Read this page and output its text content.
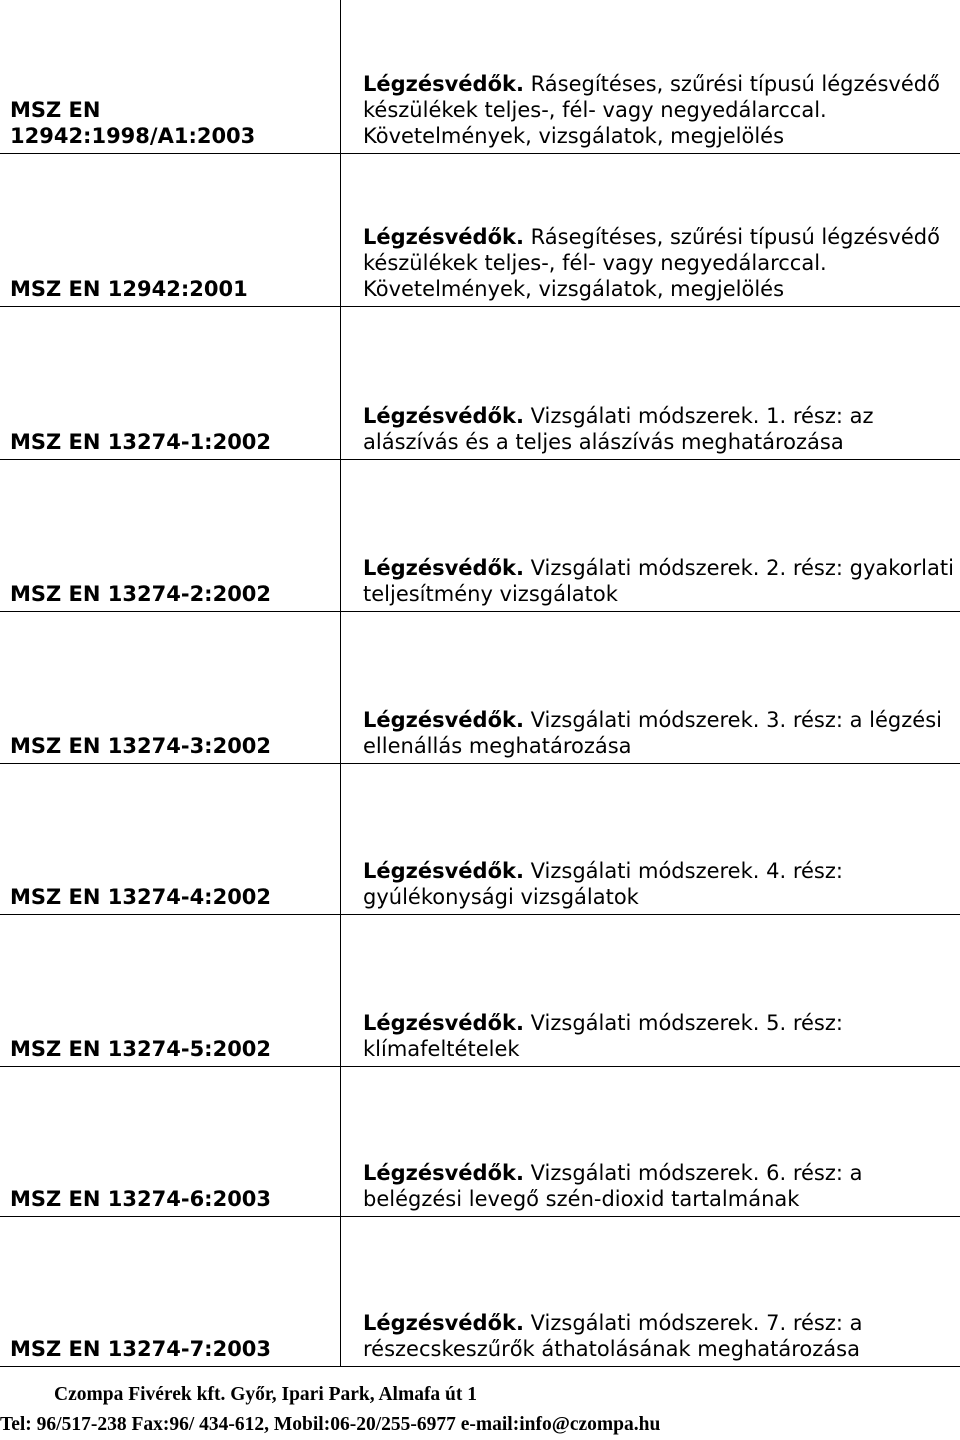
MSZ EN 12942:1998/A1:2003	Légzésvédők. Rásegítéses, szűrési típusú légzésvédő készülékek teljes-, fél- vagy negyedálarccal. Követelmények, vizsgálatok, megjelölés
MSZ EN 12942:2001	Légzésvédők. Rásegítéses, szűrési típusú légzésvédő készülékek teljes-, fél- vagy negyedálarccal. Követelmények, vizsgálatok, megjelölés
MSZ EN 13274-1:2002	Légzésvédők. Vizsgálati módszerek. 1. rész: az alászívás és a teljes alászívás meghatározása
MSZ EN 13274-2:2002	Légzésvédők. Vizsgálati módszerek. 2. rész: gyakorlati teljesítmény vizsgálatok
MSZ EN 13274-3:2002	Légzésvédők. Vizsgálati módszerek. 3. rész: a légzési ellenállás meghatározása
MSZ EN 13274-4:2002	Légzésvédők. Vizsgálati módszerek. 4. rész: gyúlékonysági vizsgálatok
MSZ EN 13274-5:2002	Légzésvédők. Vizsgálati módszerek. 5. rész: klímafeltételek
MSZ EN 13274-6:2003	Légzésvédők. Vizsgálati módszerek. 6. rész: a belégzési levegő szén-dioxid tartalmának
MSZ EN 13274-7:2003	Légzésvédők. Vizsgálati módszerek. 7. rész: a részecskeszűrők áthatolásának meghatározása
Czompa Fivérek kft. Győr, Ipari Park, Almafa út 1
Tel: 96/517-238 Fax:96/ 434-612, Mobil:06-20/255-6977 e-mail:info@czompa.hu
